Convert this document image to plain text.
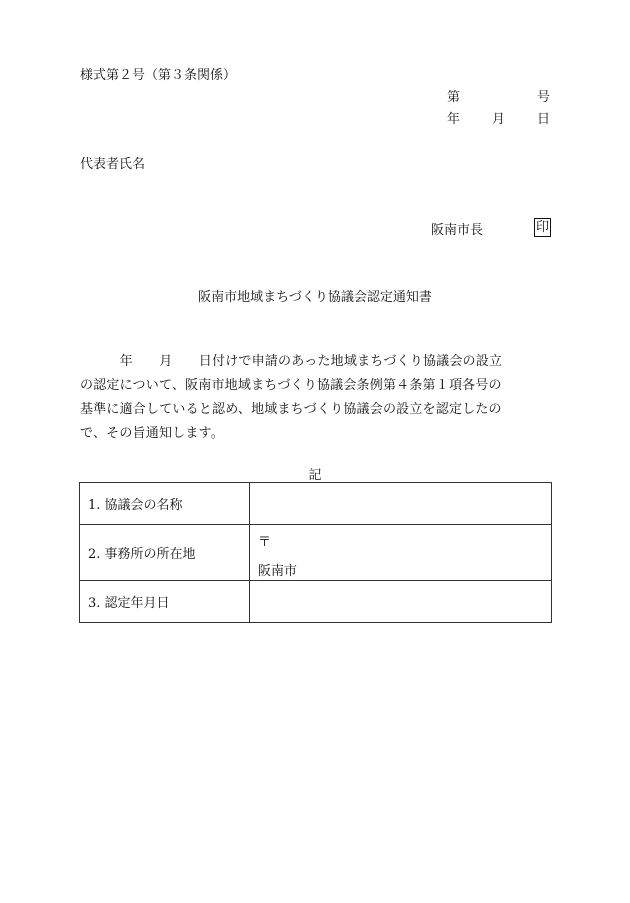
様式第２号（第３条関係）
第	号
年 月 日
代表者氏名
阪南市長	印
阪南市地域まちづくり協議会認定通知書
　　　年　　月　　日付けで申請のあった地域まちづくり協議会の設立
の認定について、阪南市地域まちづくり協議会条例第４条第１項各号の
基準に適合していると認め、地域まちづくり協議会の設立を認定したの
で、その旨通知します。
記
1. 協議会の名称	
2. 事務所の所在地	〒
阪南市
3. 認定年月日	
